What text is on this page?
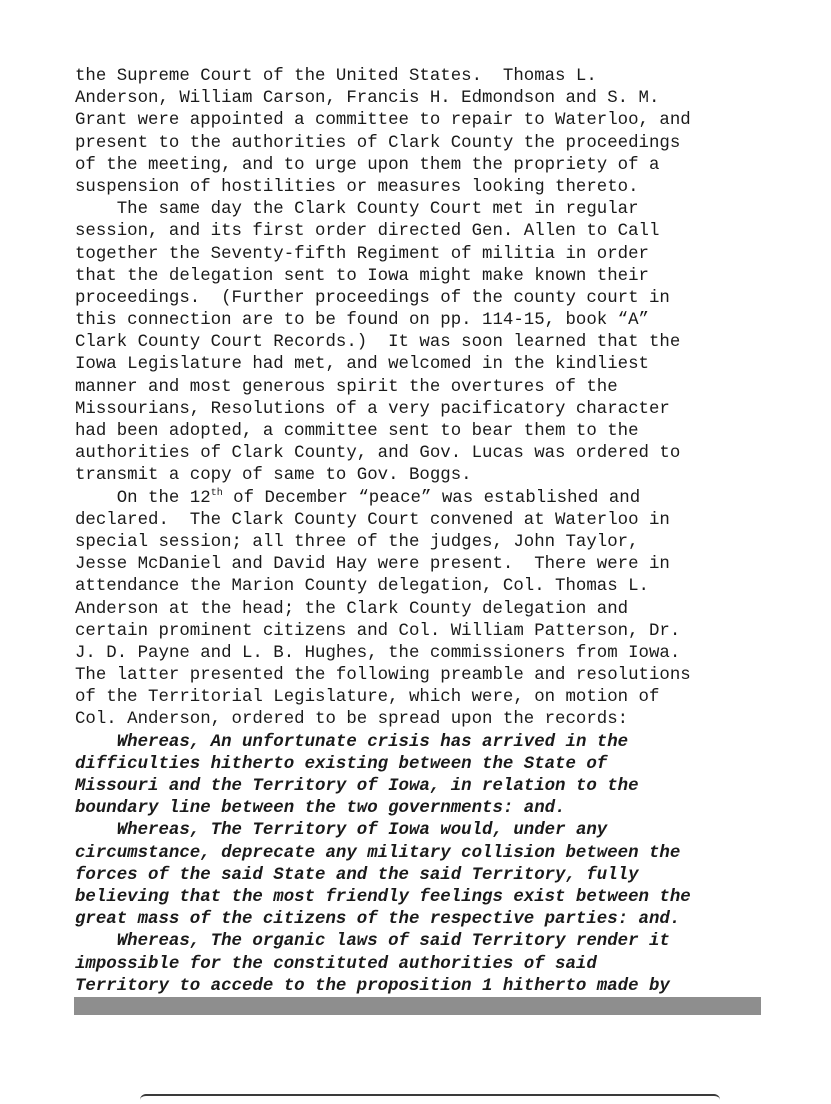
the Supreme Court of the United States.  Thomas L.
Anderson, William Carson, Francis H. Edmondson and S. M.
Grant were appointed a committee to repair to Waterloo, and
present to the authorities of Clark County the proceedings
of the meeting, and to urge upon them the propriety of a
suspension of hostilities or measures looking thereto.
The same day the Clark County Court met in regular
session, and its first order directed Gen. Allen to Call
together the Seventy-fifth Regiment of militia in order
that the delegation sent to Iowa might make known their
proceedings.  (Further proceedings of the county court in
this connection are to be found on pp. 114-15, book “A”
Clark County Court Records.)  It was soon learned that the
Iowa Legislature had met, and welcomed in the kindliest
manner and most generous spirit the overtures of the
Missourians, Resolutions of a very pacificatory character
had been adopted, a committee sent to bear them to the
authorities of Clark County, and Gov. Lucas was ordered to
transmit a copy of same to Gov. Boggs.
On the 12th of December “peace” was established and
declared.  The Clark County Court convened at Waterloo in
special session; all three of the judges, John Taylor,
Jesse McDaniel and David Hay were present.  There were in
attendance the Marion County delegation, Col. Thomas L.
Anderson at the head; the Clark County delegation and
certain prominent citizens and Col. William Patterson, Dr.
J. D. Payne and L. B. Hughes, the commissioners from Iowa.
The latter presented the following preamble and resolutions
of the Territorial Legislature, which were, on motion of
Col. Anderson, ordered to be spread upon the records:
Whereas, An unfortunate crisis has arrived in the
difficulties hitherto existing between the State of
Missouri and the Territory of Iowa, in relation to the
boundary line between the two governments: and.
Whereas, The Territory of Iowa would, under any
circumstance, deprecate any military collision between the
forces of the said State and the said Territory, fully
believing that the most friendly feelings exist between the
great mass of the citizens of the respective parties: and.
Whereas, The organic laws of said Territory render it
impossible for the constituted authorities of said
Territory to accede to the proposition 1 hitherto made by
